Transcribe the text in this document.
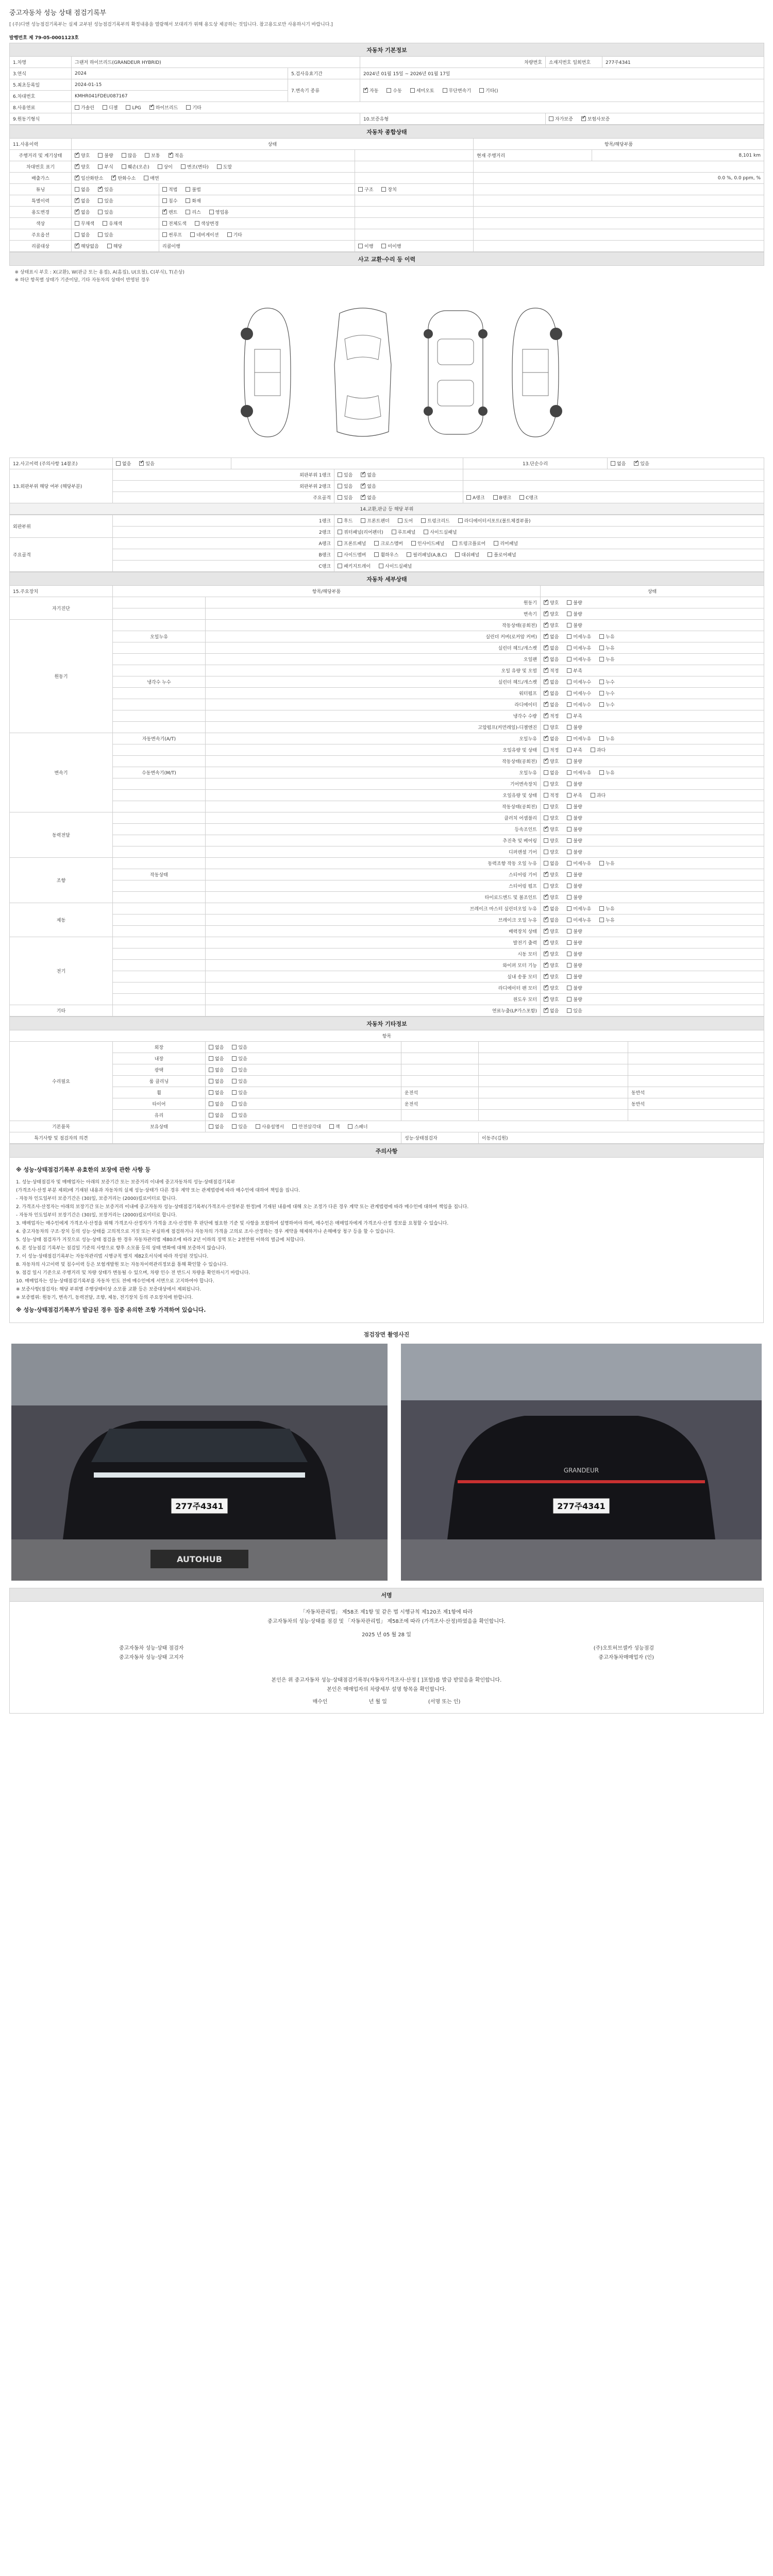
중고자동차 성능 상태 점검기록부
[ (주)디엔 성능점검기록부는 실제 교부된 성능점검기록부의 확정내용을 열람해서 보대리가 위해 용도상 제공하는 것입니다. 참고용도로만 사용하시기 바랍니다.]
발행번호 제 79-05-0001123호
자동차 기본정보					
1.차명	그랜저 하이브리드(GRANDEUR HYBRID)		차량번호	소재지번호 일회번호	277주4341
3.연식	2024	5.검사유효기간	2024년 01월 15일 ~ 2026년 01월 17일		
5.최초등록일	2024-01-15	7.변속기 종류	✓자동 수동 세미오토 무단변속기 기타()
6.차대번호	KMHR041FDEU087167				
8.사용연료	가솔린 디젤 LPG ✓ 하이브리드 기타
9.원동기형식			10.보증유형	자가보증 ✓ 보험사보증
자동차 종합상태					
11.사용이력	상태			항목/해당부품	
주행거리 및 계기상태	✓양호 불량 많음 보통 ✓ 적음			현재 주행거리	8,101 km
차대번호 표기	✓양호 부식 훼손(오손) 상이 변조(변타) 도말		
배출가스	✓일산화탄소 ✓ 탄화수소 매연			0.0 %, 0.0 ppm, %	
튜닝	없음 ✓ 있음	적법 불법	구조 장치		
특별이력	✓없음 있음	침수 화재			
용도변경	✓없음 있음	✓렌트 리스 영업용		
색상	무채색 유채색	전체도색 색상변경			
주요옵션	없음 있음	썬루프 네비게이션 기타			
리콜대상	✓해당없음 해당	리콜이행	이행 미이행		
사고 교환·수리 등 이력

※ 상태표시 부호 : X(교환), W(판금 또는 용접), A(흠집), U(요철), C(부식), T(손상)
※ 하단 항목별 상태가 기준미달, 기타 자동차의 상태이 반영된 경우
12.사고이력 (주의사항 14참조)	없음 ✓ 있음			13.단순수리	없음 ✓ 있음
13.외판부위 해당 여부 (해당부분)	외판부위 1랭크		있음 ✓ 없음	
	외판부위 2랭크		있음 ✓ 없음	
	주요골격		있음 ✓ 없음	A랭크 B랭크 C랭크	
14.교환,판금 등 해당 부위					
외판부위	1랭크	후드 프론트펜더 도어 트렁크리드 라디에이터서포트(볼트체결부품)
	2랭크	쿼터패널(리어펜더) 루프패널 사이드실패널
주요골격	A랭크	프론트패널 크로스멤버 인사이드패널 트렁크플로어 리어패널
	B랭크	사이드멤버 휠하우스 필러패널(A,B,C) 대쉬패널 플로어패널
	C랭크	패키지트레이 사이드실패널
자동차 세부상태			
15.주요장치	항목/해당부품		상태
자기진단		원동기	✓양호 불량
		변속기	✓양호 불량
원동기		작동상태(공회전)	✓양호 불량
	오일누유	실린더 커버(로커암 커버)	✓없음 미세누유 누유
		실린더 헤드/개스켓	✓없음 미세누유 누유
		오일팬	✓없음 미세누유 누유
		오일 유량 및 오염	✓적정 부족
	냉각수 누수	실린더 헤드/개스켓	✓없음 미세누수 누수
		워터펌프	✓없음 미세누수 누수
		라디에이터	✓없음 미세누수 누수
		냉각수 수량	✓적정 부족
		고압펌프(커먼레일)-디젤엔진	양호 불량
변속기	자동변속기(A/T)	오일누유	✓없음 미세누유 누유
		오일유량 및 상태	적정 부족 과다
		작동상태(공회전)	✓양호 불량
	수동변속기(M/T)	오일누유	없음 미세누유 누유
		기어변속장치	양호 불량
		오일유량 및 상태	적정 부족 과다
		작동상태(공회전)	양호 불량
동력전달		클러치 어셈블리	양호 불량
		등속조인트	✓양호 불량
		추진축 및 베어링	양호 불량
		디퍼렌셜 기어	양호 불량
조향		동력조향 작동 오일 누유	없음 미세누유 누유
	작동상태	스티어링 기어	✓양호 불량
		스티어링 펌프	양호 불량
		타이로드엔드 및 볼조인트	✓양호 불량
제동		브레이크 마스터 실린더오일 누유	✓없음 미세누유 누유
		브레이크 오일 누유	✓없음 미세누유 누유
		배력장치 상태	✓양호 불량
전기		발전기 출력	✓양호 불량
		시동 모터	✓양호 불량
		와이퍼 모터 기능	✓양호 불량
		실내 송풍 모터	✓양호 불량
		라디에이터 팬 모터	✓양호 불량
		윈도우 모터	✓양호 불량
기타		연료누출(LP가스포함)	✓없음 있음
자동차 기타정보					
항목					
수리필요	외장	없음 있음			
	내장	없음 있음			
	광택	없음 있음			
	룸 클리닝	없음 있음			
	휠	없음 있음	운전석		동반석
	타이어	없음 있음	운전석		동반석
	유리	없음 있음			
기본품목	보유상태	없음 있음 사용설명서 안전삼각대 잭 스패너			
특기사항 및 점검자의 의견			성능·상태점검자	이동주(김원)	
주의사항

※ 성능·상태점검기록부 유효한의 보장에 관한 사항 등
1. 성능·상태점검자 및 매매업자는 아래의 보증기간 또는 보증거리 이내에 중고자동차의 성능·상태점검기록부
(가격조사·산정 부분 제외)에 기재된 내용과 자동차의 실제 성능·상태가 다른 경우 계약 또는 관계법령에 따라 매수인에 대하여 책임을 집니다.
- 자동차 인도일부터 보증기간은 (30)일, 보증거리는 (2000)킬로미터로 합니다.
2. 가격조사·산정자는 아래의 보장기간 또는 보증거리 이내에 중고자동차 성능·상태점검기록부(가격조사·산정부분 한정)에 기재된 내용에 대해 오는 조정가 다른 경우 계약 또는 관계법령에 따라 매수인에 대하여 책임을 집니다.
- 자동차 인도일부터 보장기간은 (30)일, 보장거리는 (2000)킬로미터로 합니다.
3. 매매업자는 매수인에게 가격조사·산정을 위해 가격조사·산정자가 가격을 조사·산정한 후 판단에 필요한 기준 및 사항을 포함하여 설명하여야 하며, 매수인은 매매업자에게 가격조사·산정 정보를 요청할 수 있습니다.
4. 중고자동차의 구조·장치 등의 성능·상태를 고의적으로 거짓 또는 부실하게 점검하거나 자동차의 가격을 고의로 조사·산정하는 경우 계약을 해제하거나 손해배상 청구 등을 할 수 있습니다.
5. 성능·상태 점검자가 거짓으로 성능·상태 점검을 한 경우 자동차관리법 제80조에 따라 2년 이하의 징역 또는 2천만원 이하의 벌금에 처합니다.
6. 본 성능점검 기록부는 점검일 기준의 사항으로 향후 소모품 등의 상태 변화에 대해 보증하지 않습니다.
7. 이 성능·상태점검기록부는 자동차관리법 시행규칙 별지 제82호서식에 따라 작성된 것입니다.
8. 자동차의 사고이력 및 침수이력 등은 보험개발원 또는 자동차이력관리정보를 통해 확인할 수 있습니다.
9. 점검 일시 기준으로 주행거리 및 차량 상태가 변동될 수 있으며, 차량 인수 전 반드시 차량을 확인하시기 바랍니다.
10. 매매업자는 성능·상태점검기록부를 자동차 인도 전에 매수인에게 서면으로 고지하여야 합니다.
※ 보증사항(점검자): 해당 부위별 주행상태이상 소모품 교환 등은 보증대상에서 제외됩니다.
※ 보증범위: 원동기, 변속기, 동력전달, 조향, 제동, 전기장치 등의 주요장치에 한합니다.
※ 성능·상태점검기록부가 발급된 경우 집중 유의한 조항 가격하여 있습니다.
점검장면 촬영사진
277주4341
AUTOHUB
GRANDEUR
277주4341
서명

「자동차관리법」 제58조 제1항 및 같은 법 시행규칙 제120조 제1항에 따라
중고자동차의 성능·상태를 점검 및 「자동차관리법」 제58조에 따라 (가격조사·산정)하였음을 확인합니다.
2025 년 05 월 28 일
중고자동차 성능·상태 점검자	(주)오토허브셀카 성능점검
중고자동차 성능·상태 고지자	중고자동차매매업자 (인)
본인은 위 중고자동차 성능·상태점검기록부(자동차가격조사·산정 [ ]포함)를 발급 받았음을 확인합니다.
본인은 매매업자의 차량세부 설명 항목을 확인합니다.
매수인	년 월 일	(서명 또는 인)
